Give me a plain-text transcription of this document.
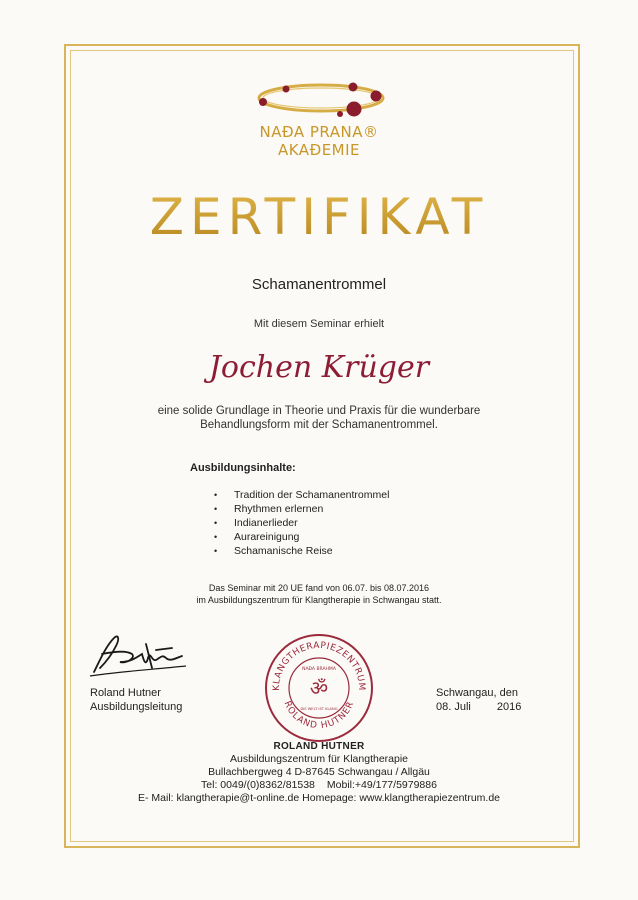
NAĐA PRANA®
AKAĐEMIE
ZERTIFIKAT
Schamanentrommel
Mit diesem Seminar erhielt
Jochen Krüger
eine solide Grundlage in Theorie und Praxis für die wunderbare
Behandlungsform mit der Schamanentrommel.
Ausbildungsinhalte:
• Tradition der Schamanentrommel
• Rhythmen erlernen
• Indianerlieder
• Aurareinigung
• Schamanische Reise
Das Seminar mit 20 UE fand von 06.07. bis 08.07.2016
im Ausbildungszentrum für Klangtherapie in Schwangau statt.
Roland Hutner
Ausbildungsleitung
KLANGTHERAPIEZENTRUM
ROLAND HUTNER
NAĐA BRAHMA
ॐ
DIE WELT IST KLANG
Schwangau, den
08. Juli 2016
ROLAND HUTNER
Ausbildungszentrum für Klangtherapie
Bullachbergweg 4 D-87645 Schwangau / Allgäu
Tel: 0049/(0)8362/81538 Mobil:+49/177/5979886
E- Mail: klangtherapie@t-online.de Homepage: www.klangtherapiezentrum.de
